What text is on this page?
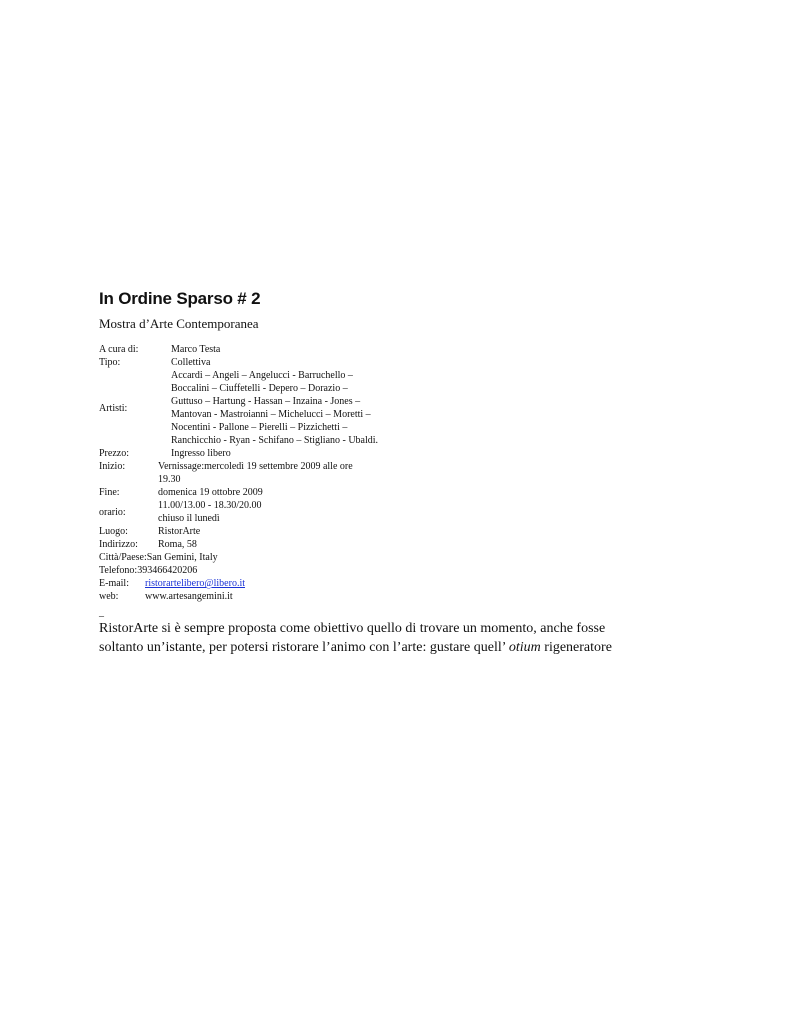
In Ordine Sparso # 2

Mostra d’Arte Contemporanea

A cura di:	Marco Testa
Tipo:	Collettiva
Artisti:
Accardi – Angeli – Angelucci - Barruchello –
Boccalini – Ciuffetelli - Depero – Dorazio –
Guttuso – Hartung - Hassan – Inzaina - Jones –
Mantovan - Mastroianni – Michelucci – Moretti –
Nocentini - Pallone – Pierelli – Pizzichetti –
Ranchicchio - Ryan - Schifano – Stigliano - Ubaldi.
Prezzo:	Ingresso libero
Inizio:	Vernissage:mercoledì 19 settembre 2009 alle ore
19.30
Fine:	domenica 19 ottobre 2009
orario:
11.00/13.00 - 18.30/20.00
chiuso il lunedì
Luogo:	RistorArte
Indirizzo:	Roma, 58
Città/Paese: San Gemini, Italy
Telefono: 393466420206
E-mail:	ristorartelibero@libero.it
web:	www.artesangemini.it
_

RistorArte si è sempre proposta come obiettivo quello di trovare un momento, anche fosse

soltanto un’istante, per potersi ristorare l’animo con l’arte: gustare quell’ otium rigeneratore
